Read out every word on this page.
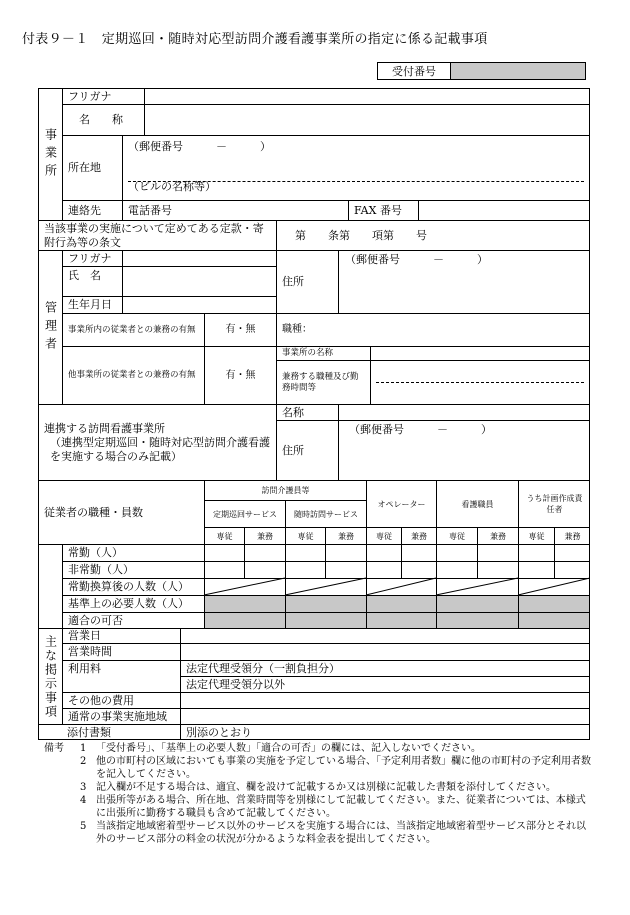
付表９－１　定期巡回・随時対応型訪問介護看護事業所の指定に係る記載事項
受付番号
事業所
フリガナ
名　　称
所在地
（郵便番号　　　－　　　）
（ビルの名称等）
連絡先	電話番号	FAX 番号
当該事業の実施について定めてある定款・寄附行為等の条文
第　　条第　　項第　　号
管理者
フリガナ
氏　名
生年月日
住所
（郵便番号　　　－　　　）
事業所内の従業者との兼務の有無	有・無	職種：
他事業所の従業者との兼務の有無	有・無
事業所の名称
兼務する職種及び勤務時間等
連携する訪問看護事業所
（連携型定期巡回・随時対応型訪問介護看護を実施する場合のみ記載）
名称
住所
（郵便番号　　　－　　　）
従業者の職種・員数
訪問介護員等
定期巡回サービス	随時訪問サービス
オペレーター	看護職員
うち計画作成責任者
専従	兼務	専従	兼務	専従	兼務	専従	兼務	専従	兼務
常勤（人）
非常勤（人）
常勤換算後の人数（人）
基準上の必要人数（人）
適合の可否
主な掲示事項 営業日
営業時間
利用料	法定代理受領分（一割負担分）
法定代理受領分以外
その他の費用
通常の事業実施地域
添付書類	別添のとおり
備考	1 「受付番号」、「基準上の必要人数」「適合の可否」の欄には、記入しないでください。
2 他の市町村の区域においても事業の実施を予定している場合、「予定利用者数」欄に他の市町村の予定利用者数を記入してください。
3 記入欄が不足する場合は、適宜、欄を設けて記載するか又は別様に記載した書類を添付してください。
4 出張所等がある場合、所在地、営業時間等を別様にして記載してください。また、従業者については、本様式に出張所に勤務する職員も含めて記載してください。
5 当該指定地域密着型サービス以外のサービスを実施する場合には、当該指定地域密着型サービス部分とそれ以外のサービス部分の料金の状況が分かるような料金表を提出してください。
